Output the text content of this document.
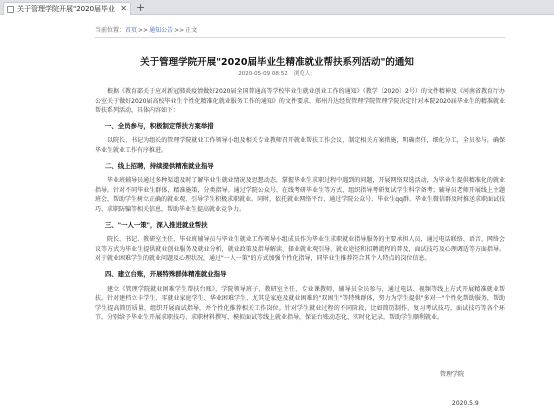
关于管理学院开展"2020届毕业 ✕ +
当前位置：首页>>通知公告>>正文
关于管理学院开展"2020届毕业生精准就业帮扶系列活动"的通知
2020-05-09 08:52 浏览人：

根据《教育部关于应对新冠肺炎疫情做好2020届全国普通高等学校毕业生就业创业工作的通知》（教学〔2020〕2号）的文件精神及《河南省教育厅办公室关于做好2020届高校毕业生个性化精准化就业服务工作的通知》的文件要求，郑州升达经贸管理学院管理学院决定针对本院2020届毕业生的精准就业帮扶系列活动，具体内容如下：

一、全员参与，积极制定帮扶方案举措

以院长、书记为组长的管理学院就业工作领导小组及相关专业教师召开就业帮扶工作会议，制定相关方案措施，明确责任，细化分工，全员参与，确保毕业生就业工作有序推进。

二、线上招聘，持续提供精准就业指导

毕业班辅导员通过多种渠道及时了解毕业生就业情况及思想动态，掌握毕业生求职过程中遇到的问题，开展网络双选活动，为毕业生提供精准化的就业指导。针对不同毕业生群体，精准施策，分类指导。通过学院公众号、在线考研毕业生等方式，组织指导考研复试学生科学备考；辅导员老师开展线上主题班会，帮助学生树立正确的就业观，引导学生积极求职就业。同时，依托就业网络平台，通过学院公众号、毕业生qq群、毕业生微信群及时推送求职面试技巧、求职防骗等相关信息，帮助毕业生提高就业竞争力。

三、"一人一策"，深入推进就业帮扶

院长、书记、教研室主任、毕业班辅导员与毕业生就业工作领导小组成员作为毕业生求职就业指导服务的主要承担人员，通过电话联络、语音、网络会议等方式为毕业生提供就业创业服务及就业分析，就业政策及指导解读、择业就业观引导、就业途径和招聘流程的普及，面试技巧及心理调适等方面指导。对于就业困难学生的就业问题及心理状况，通过"一人一策"的方式加强个性化指导，同毕业生推荐符合其个人特点的岗位信息。

四、建立台账，开展特殊群体精准就业指导

建立《管理学院就业困难学生帮扶台账》，学院领导班子、教研室主任、专业课教师、辅导员全员参与，通过电话、视频等线上方式开展精准就业帮扶。针对建档立卡学生、零就业家庭学生、华业困难学生、尤其是家庭及就业困难的"双困生"等特殊群体，努力为学生提供"多对一"个性化帮助服务，帮助学生提高简历质量，组织开展面试指导，并个性化推荐相关工作岗位。针对学生就业过程的不同阶段，比如简历制作、复习考试技巧，面试技巧等各个环节，分别给予毕业生开展求职技巧、求职材料撰写、模拟面试等线上就业指导，保证台账动态化、实时化记录，帮助学生顺利就业。

管理学院
2020.5.9
